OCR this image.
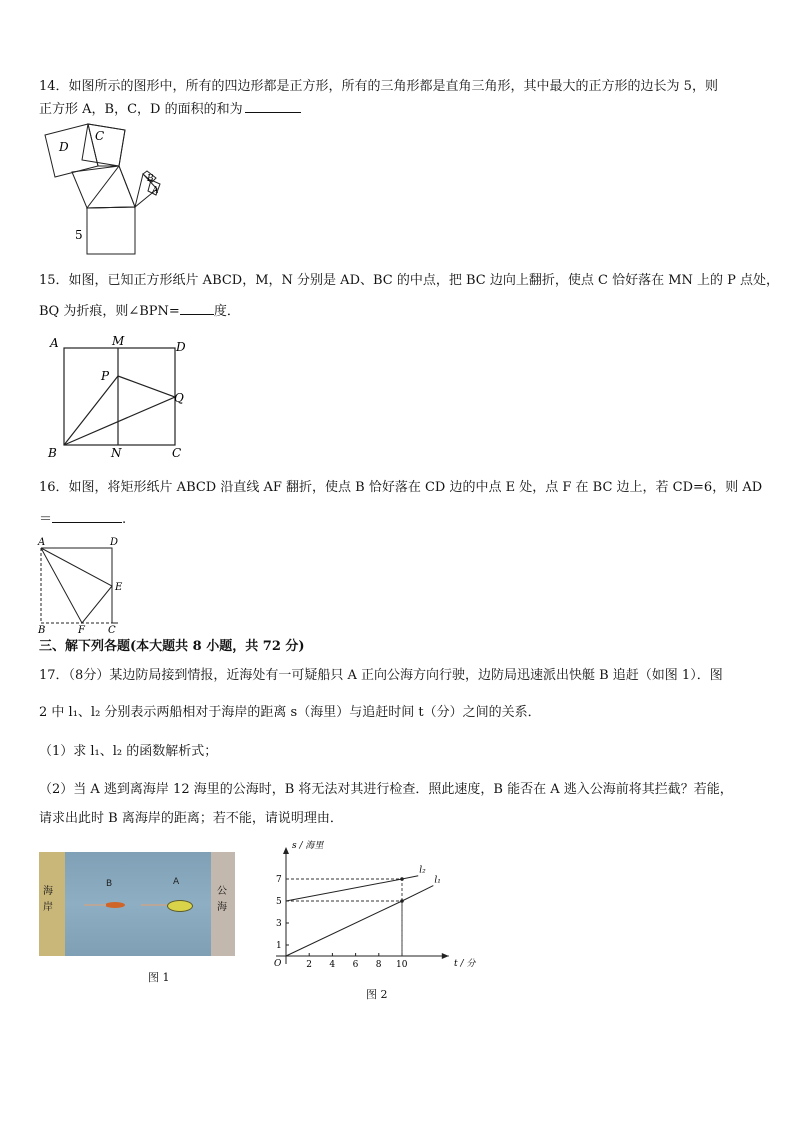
14．如图所示的图形中，所有的四边形都是正方形，所有的三角形都是直角三角形，其中最大的正方形的边长为 5，则
正方形 A，B，C，D 的面积的和为
D
C
B
A
5
15．如图，已知正方形纸片 ABCD，M，N 分别是 AD、BC 的中点，把 BC 边向上翻折，使点 C 恰好落在 MN 上的 P 点处，
BQ 为折痕，则∠BPN=	度．
A	M	D
P
Q
B	N	C
16．如图，将矩形纸片 ABCD 沿直线 AF 翻折，使点 B 恰好落在 CD 边的中点 E 处，点 F 在 BC 边上，若 CD=6，则 AD
＝	.
A	D
E
B	F C
三、解下列各题(本大题共 8 小题，共 72 分)
17．（8分）某边防局接到情报，近海处有一可疑船只 A 正向公海方向行驶，边防局迅速派出快艇 B 追赶（如图 1）．图
2 中 l₁、l₂ 分别表示两船相对于海岸的距离 s（海里）与追赶时间 t（分）之间的关系．
（1）求 l₁、l₂ 的函数解析式；
（2）当 A 逃到离海岸 12 海里的公海时，B 将无法对其进行检查．照此速度，B 能否在 A 逃入公海前将其拦截？若能，
请求出此时 B 离海岸的距离；若不能，请说明理由．
海岸
公海
B	A
图 1
s / 海里
t / 分
O	2 4 6 8 10
1
3
5
7
l₂
l₁
图 2
